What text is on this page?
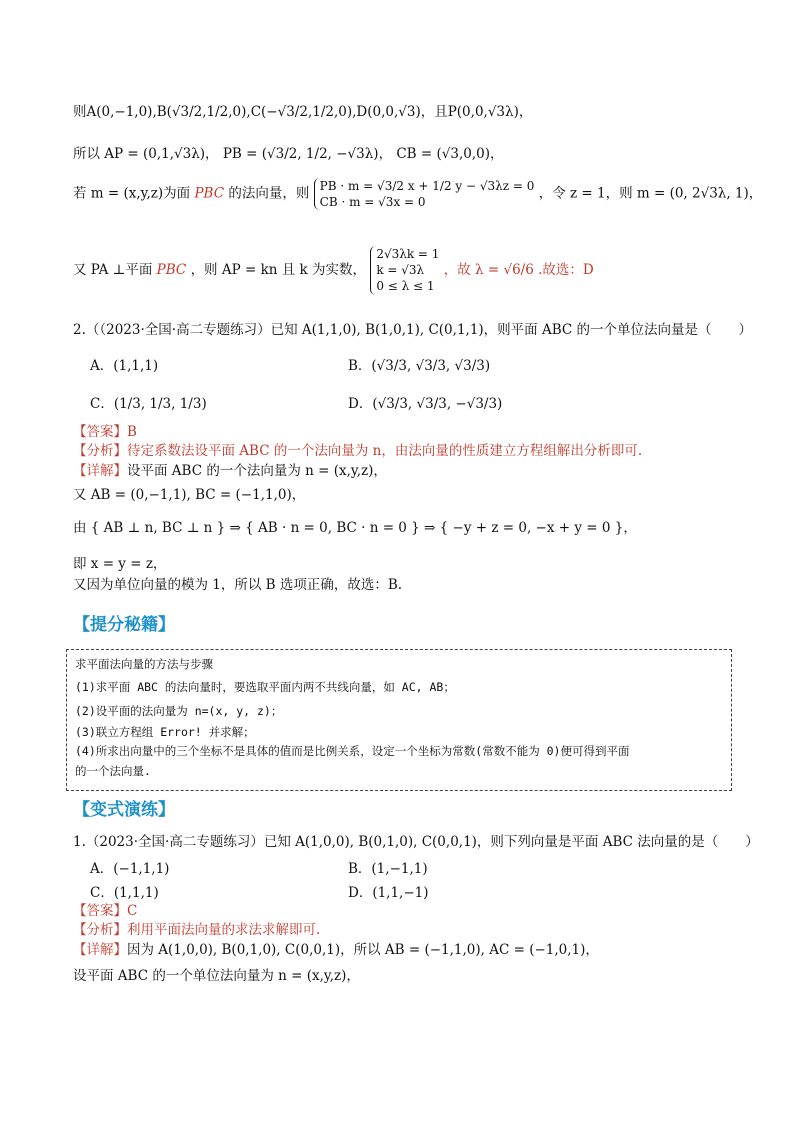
则A(0,−1,0),B(√3/2,1/2,0),C(−√3/2,1/2,0),D(0,0,√3)，且P(0,0,√3λ)，
所以 AP = (0,1,√3λ)， PB = (√3/2, 1/2, −√3λ)， CB = (√3,0,0)，
若 m = (x,y,z)为面 PBC 的法向量，则 PB · m = √3/2 x + 1/2 y − √3λz = 0
CB · m = √3x = 0
，令 z = 1，则 m = (0, 2√3λ, 1)，
又 PA ⊥平面 PBC ，则 AP = kn 且 k 为实数，
2√3λk = 1
k = √3λ
0 ≤ λ ≤ 1
，故 λ = √6/6 .故选：D
2.（（2023·全国·高二专题练习）已知 A(1,1,0), B(1,0,1), C(0,1,1)，则平面 ABC 的一个单位法向量是（　　）
A．(1,1,1)	B．(√3/3, √3/3, √3/3)
C．(1/3, 1/3, 1/3)	D．(√3/3, √3/3, −√3/3)
【答案】B
【分析】待定系数法设平面 ABC 的一个法向量为 n，由法向量的性质建立方程组解出分析即可.
【详解】设平面 ABC 的一个法向量为 n = (x,y,z)，
又 AB = (0,−1,1), BC = (−1,1,0)，
由 { AB ⊥ n, BC ⊥ n } ⇒ { AB · n = 0, BC · n = 0 } ⇒ { −y + z = 0, −x + y = 0 }，
即 x = y = z，
又因为单位向量的模为 1，所以 B 选项正确，故选：B.
【提分秘籍】
求平面法向量的方法与步骤
(1)求平面 ABC 的法向量时，要选取平面内两不共线向量，如 AC, AB；
(2)设平面的法向量为 n=(x, y, z)；
(3)联立方程组 Error! 并求解；
(4)所求出向量中的三个坐标不是具体的值而是比例关系，设定一个坐标为常数(常数不能为 0)便可得到平面
的一个法向量.
【变式演练】
1.（2023·全国·高二专题练习）已知 A(1,0,0), B(0,1,0), C(0,0,1)，则下列向量是平面 ABC 法向量的是（　　）
A．(−1,1,1)	B．(1,−1,1)
C．(1,1,1)	D．(1,1,−1)
【答案】C
【分析】利用平面法向量的求法求解即可.
【详解】因为 A(1,0,0), B(0,1,0), C(0,0,1)，所以 AB = (−1,1,0), AC = (−1,0,1)，
设平面 ABC 的一个单位法向量为 n = (x,y,z)，
